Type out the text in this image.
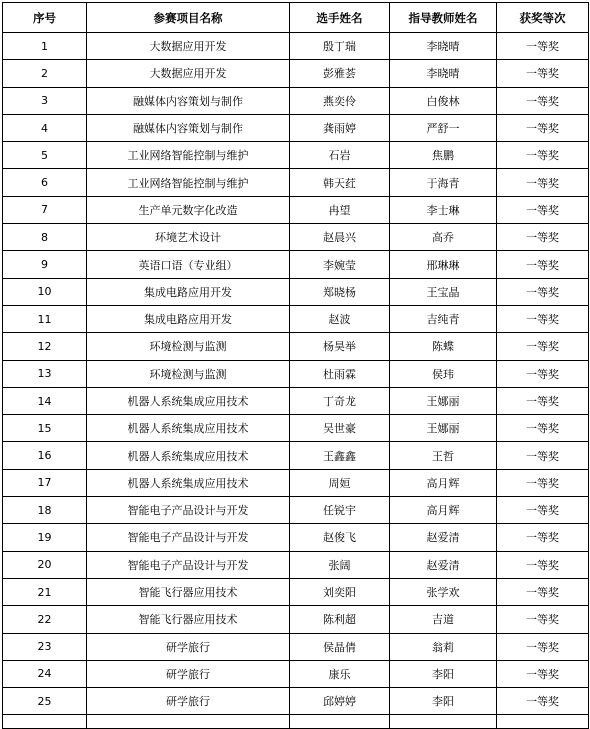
序号	参赛项目名称	选手姓名	指导教师姓名	获奖等次
1	大数据应用开发	殷丁瑞	李晓晴	一等奖
2	大数据应用开发	彭雅荟	李晓晴	一等奖
3	融媒体内容策划与制作	燕奕伶	白俊林	一等奖
4	融媒体内容策划与制作	龚雨婷	严舒一	一等奖
5	工业网络智能控制与维护	石岩	焦鹏	一等奖
6	工业网络智能控制与维护	韩天荭	于海青	一等奖
7	生产单元数字化改造	冉望	李士琳	一等奖
8	环境艺术设计	赵晨兴	高乔	一等奖
9	英语口语（专业组）	李婉莹	邢琳琳	一等奖
10	集成电路应用开发	郑晓杨	王宝晶	一等奖
11	集成电路应用开发	赵波	吉纯青	一等奖
12	环境检测与监测	杨昊举	陈蝶	一等奖
13	环境检测与监测	杜雨霖	侯玮	一等奖
14	机器人系统集成应用技术	丁奇龙	王娜丽	一等奖
15	机器人系统集成应用技术	吴世豪	王娜丽	一等奖
16	机器人系统集成应用技术	王鑫鑫	王哲	一等奖
17	机器人系统集成应用技术	周姮	高月辉	一等奖
18	智能电子产品设计与开发	任锐宇	高月辉	一等奖
19	智能电子产品设计与开发	赵俊飞	赵爱清	一等奖
20	智能电子产品设计与开发	张阔	赵爱清	一等奖
21	智能飞行器应用技术	刘奕阳	张学欢	一等奖
22	智能飞行器应用技术	陈利超	吉道	一等奖
23	研学旅行	侯晶倩	翁莉	一等奖
24	研学旅行	康乐	李阳	一等奖
25	研学旅行	邱婷婷	李阳	一等奖
